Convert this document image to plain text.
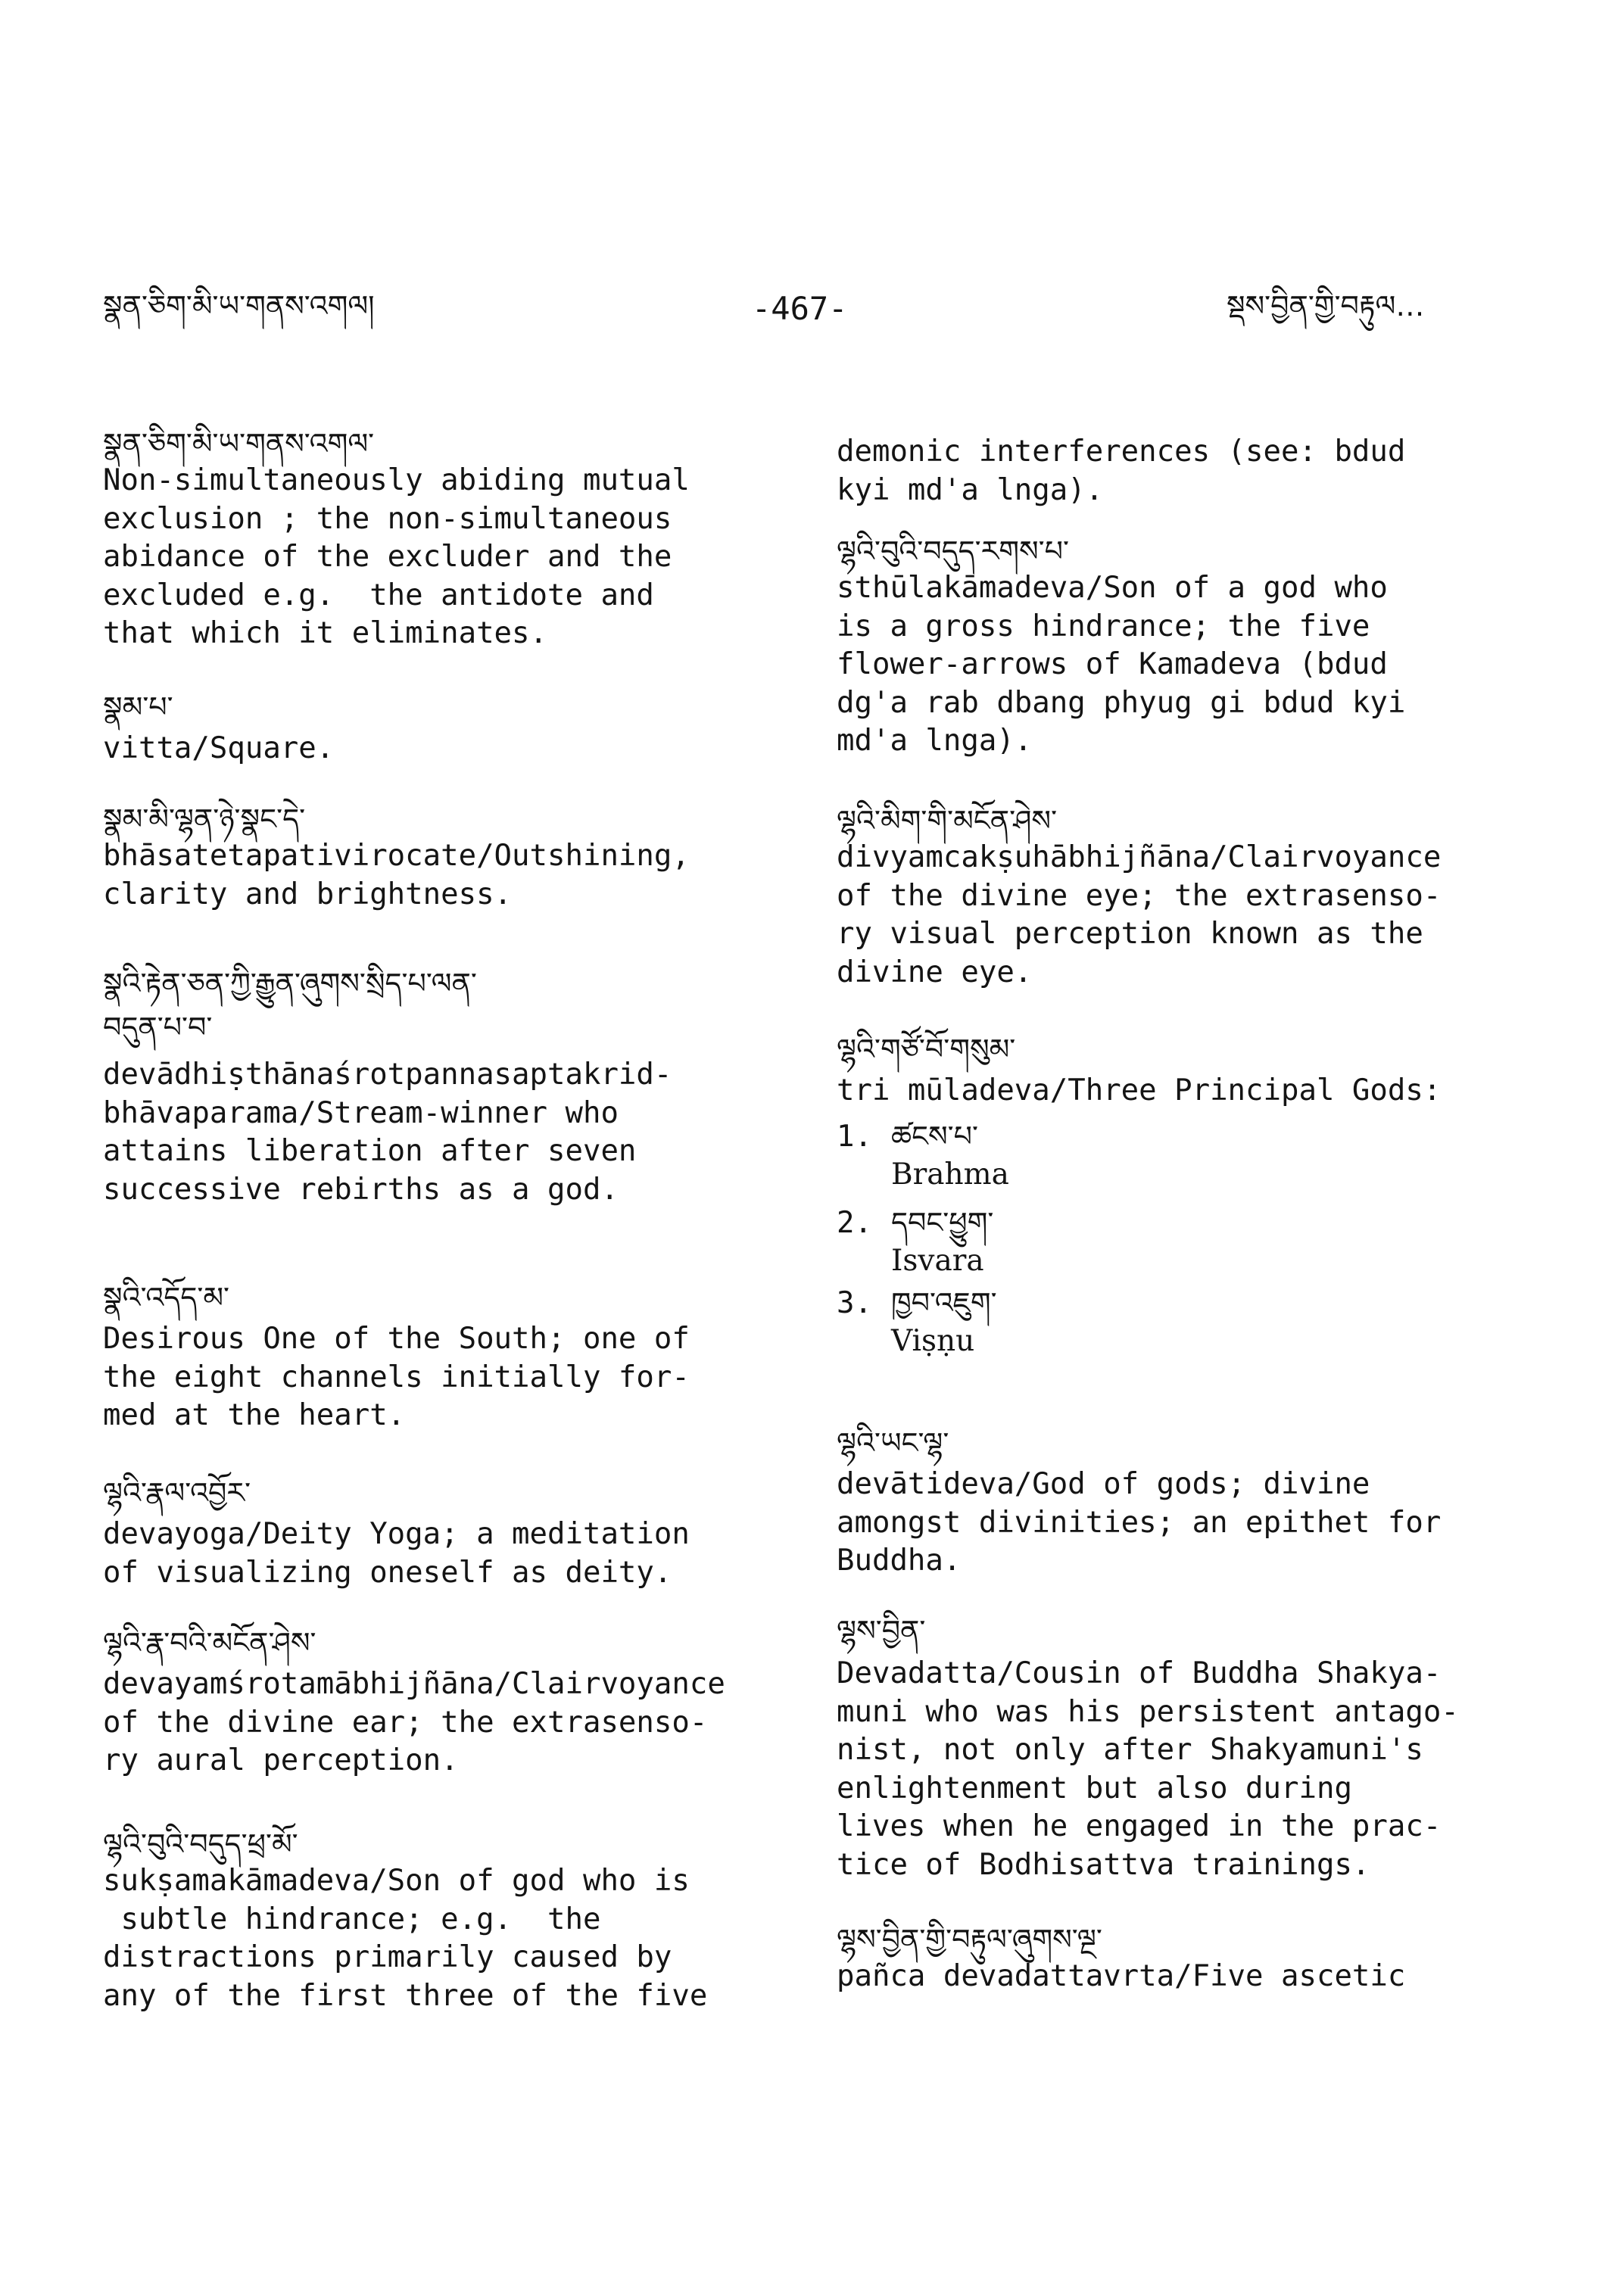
སྣན་ཅིག་མི་ཡ་གནས་འགལ།	-467-	སྡས་བྱིན་གྱི་བརྟུལ…
སྣན་ཅིག་མི་ཡ་གནས་འགལ་
Non-simultaneously abiding mutual
exclusion ; the non-simultaneous
abidance of the excluder and the
excluded e.g.  the antidote and
that which it eliminates.
སྣམ་པ་
vitta/Square.
སྣམ་མི་ལྷན་ཉེ་སྣང་དེ་
bhāsatetapativirocate/Outshining,
clarity and brightness.
སྣའི་རྟེན་ཅན་ཀྱི་རྒྱུན་ཞུགས་སྲིད་པ་ལན་
བདུན་པ་བ་
devādhiṣthānaśrotpannasaptakrid-
bhāvaparama/Stream-winner who
attains liberation after seven
successive rebirths as a god.
སྣའི་འདོད་མ་
Desirous One of the South; one of
the eight channels initially for-
med at the heart.
ལྷའི་རྣལ་འབྱོར་
devayoga/Deity Yoga; a meditation
of visualizing oneself as deity.
ལྷའི་རྣ་བའི་མངོན་ཤེས་
devayamśrotamābhijñāna/Clairvoyance
of the divine ear; the extrasenso-
ry aural perception.
ལྷའི་བུའི་བདུད་ཕྲ་མོ་
sukṣamakāmadeva/Son of god who is
subtle hindrance; e.g.  the
distractions primarily caused by
any of the first three of the five
demonic interferences (see: bdud
kyi md'a lnga).
ལྷའི་བུའི་བདུད་རགས་པ་
sthūlakāmadeva/Son of a god who
is a gross hindrance; the five
flower-arrows of Kamadeva (bdud
dg'a rab dbang phyug gi bdud kyi
md'a lnga).
ལྷའི་མིག་གི་མངོན་ཤེས་
divyamcakṣuhābhijñāna/Clairvoyance
of the divine eye; the extrasenso-
ry visual perception known as the
divine eye.
ལྷའི་གཙོ་བོ་གསུམ་
tri mūladeva/Three Principal Gods:
1. ཚངས་པ་
Brahma
2. དབང་ཕྱུག་
Isvara
3. ཁྱབ་འཇུག་
Viṣṇu
ལྷའི་ཡང་ལྷ་
devātideva/God of gods; divine
amongst divinities; an epithet for
Buddha.
ལྷས་བྱིན་
Devadatta/Cousin of Buddha Shakya-
muni who was his persistent antago-
nist, not only after Shakyamuni's
enlightenment but also during
lives when he engaged in the prac-
tice of Bodhisattva trainings.
ལྷས་བྱིན་གྱི་བརྟུལ་ཞུགས་ལྔ་
pañca devadattavrta/Five ascetic
